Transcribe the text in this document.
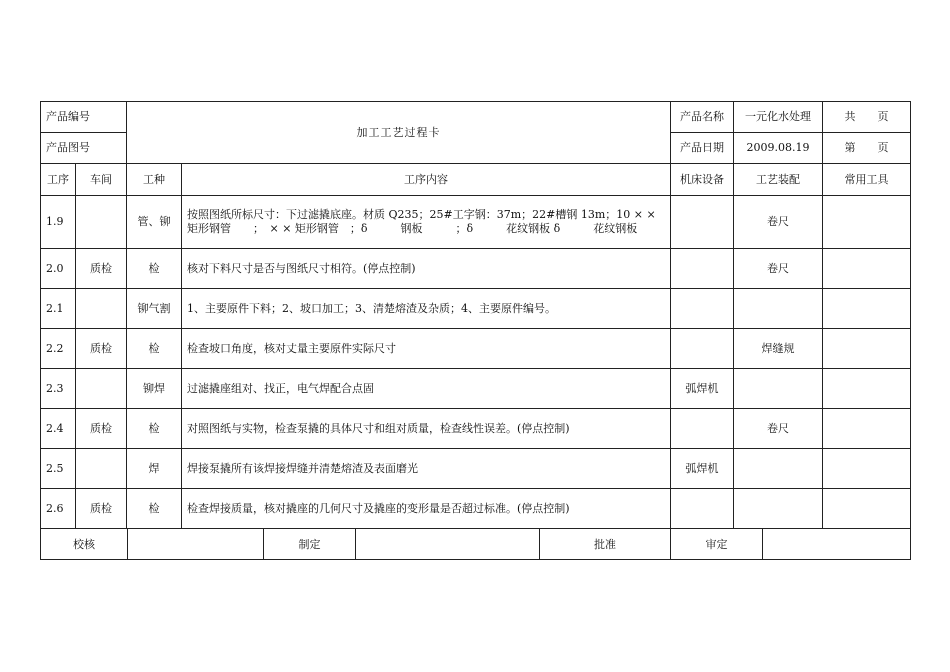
产品编号		加工工艺过程卡		产品名称	一元化水处理	共　　页
产品图号				产品日期	2009.08.19	第　　页
工序	车间	工种	工序内容	机床设备	工艺装配	常用工具
1.9		管、铆	按照图纸所标尺寸：下过滤撬底座。材质 Q235；25#工字钢：37m；22#槽钢 13m；10 × × 矩形钢管　　；　× × 矩形钢管　；δ　　　钢板　　　；δ　　　花纹钢板 δ　　　花纹钢板		卷尺	
2.0	质检	检	核对下料尺寸是否与图纸尺寸相符。(停点控制)		卷尺	
2.1		铆气割	1、主要原件下料；2、坡口加工；3、清楚熔渣及杂质；4、主要原件编号。			
2.2	质检	检	检查坡口角度，核对丈量主要原件实际尺寸		焊缝规	
2.3		铆焊	过滤撬座组对、找正，电气焊配合点固	弧焊机		
2.4	质检	检	对照图纸与实物，检查泵撬的具体尺寸和组对质量，检查线性误差。(停点控制)		卷尺	
2.5		焊	焊接泵撬所有该焊接焊缝并清楚熔渣及表面磨光	弧焊机		
2.6	质检	检	检查焊接质量，核对撬座的几何尺寸及撬座的变形量是否超过标准。(停点控制)			
校核		制定		批准	审定	
